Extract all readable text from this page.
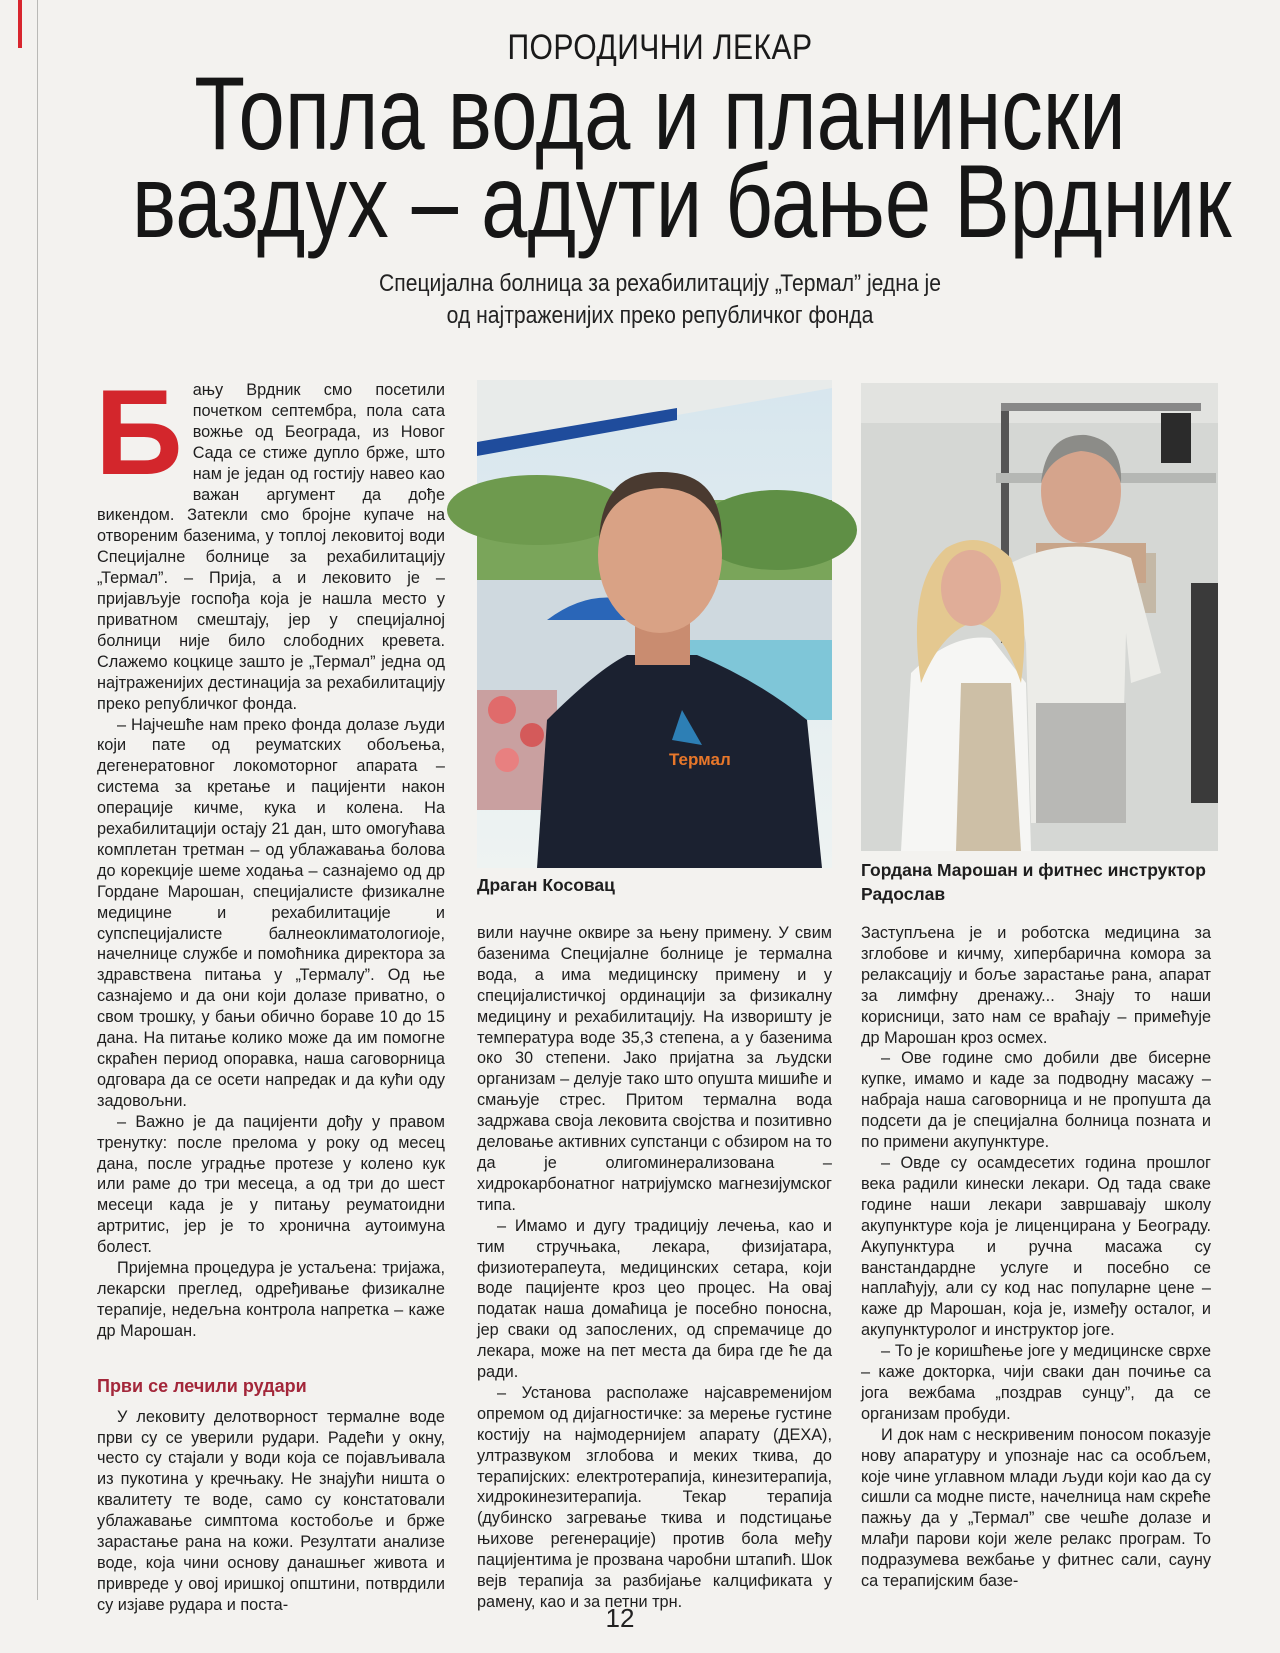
ПОРОДИЧНИ ЛЕКАР
Топла вода и планински
ваздух – адути бање Врдник
Специјална болница за рехабилитацију „Термал” једна је
од најтраженијих преко републичког фонда

Бању Врдник смо посетили почетком септембра, пола сата вожње од Београда, из Новог Сада се стиже дупло брже, што нам је један од гостију навео као важан аргумент да дође викендом. Затекли смо бројне купаче на отвореним базенима, у топлој лековитој води Специјалне болнице за рехабилитацију „Термал”. – Прија, а и лековито је – пријављује госпођа која је нашла место у приватном смештају, јер у специјалној болници није било слободних кревета. Слажемо коцкице зашто је „Термал” једна од најтраженијих дестинација за рехабилитацију преко републичког фонда.

– Најчешће нам преко фонда долазе људи који пате од реуматских обољења, дегенератовног локомоторног апарата – система за кретање и пацијенти након операције кичме, кука и колена. На рехабилитацији остају 21 дан, што омогућава комплетан третман – од ублажавања болова до корекције шеме ходања – сазнајемо од др Гордане Марошан, специјалисте физикалне медицине и рехабилитације и супспецијалисте балнеоклиматологиоје, начелнице службе и помоћника директора за здравствена питања у „Термалу”. Од ње сазнајемо и да они који долазе приватно, о свом трошку, у бањи обично бораве 10 до 15 дана. На питање колико може да им помогне скраћен период опоравка, наша саговорница одговара да се осети напредак и да кући оду задовољни.

– Важно је да пацијенти дођу у правом тренутку: после прелома у року од месец дана, после уградње протезе у колено кук или раме до три месеца, а од три до шест месеци када је у питању реуматоидни артритис, јер је то хронична аутоимуна болест.

Пријемна процедура је устаљена: тријажа, лекарски преглед, одређивање физикалне терапије, недељна контрола напретка – каже др Марошан.

Први се лечили рудари

У лековиту делотворност термалне воде први су се уверили рудари. Радећи у окну, често су стајали у води која се појављивала из пукотина у кречњаку. Не знајући ништа о квалитету те воде, само су констатовали ублажавање симптома костобоље и брже зарастање рана на кожи. Резултати анализе воде, која чини основу данашњег живота и привреде у овој иришкој општини, потврдили су изјаве рудара и поста-

Термал
Драган Косовац
Гордана Марошан и фитнес инструктор Радослав

вили научне оквире за њену примену. У свим базенима Специјалне болнице је термална вода, а има медицинску примену и у специјалистичкој ординацији за физикалну медицину и рехабилитацију. На изворишту је температура воде 35,3 степена, а у базенима око 30 степени. Јако пријатна за људски организам – делује тако што опушта мишиће и смањује стрес. Притом термална вода задржава своја лековита својства и позитивно деловање активних супстанци с обзиром на то да је олигоминерализована – хидрокарбонатног натријумско магнезијумског типа.

– Имамо и дугу традицију лечења, као и тим стручњака, лекара, физијатара, физиотерапеута, медицинских сетара, који воде пацијенте кроз цео процес. На овај податак наша домаћица је посебно поносна, јер сваки од запослених, од спремачице до лекара, може на пет места да бира где ће да ради.

– Установа располаже најсавременијом опремом од дијагностичке: за мерење густине костију на најмодернијем апарату (ДЕХА), ултразвуком зглобова и меких ткива, до терапијских: електротерапија, кинезитерапија, хидрокинезитерапија. Текар терапија (дубинско загревање ткива и подстицање њихове регенерације) против бола међу пацијентима је прозвана чаробни штапић. Шок вејв терапија за разбијање калцификата у рамену, као и за петни трн.

Заступљена је и роботска медицина за зглобове и кичму, хипербарична комора за релаксацију и боље зарастање рана, апарат за лимфну дренажу... Знају то наши корисници, зато нам се враћају – примећује др Марошан кроз осмех.

– Ове године смо добили две бисерне купке, имамо и каде за подводну масажу – набраја наша саговорница и не пропушта да подсети да је специјална болница позната и по примени акупунктуре.

– Овде су осамдесетих година прошлог века радили кинески лекари. Од тада сваке године наши лекари завршавају школу акупунктуре која је лиценцирана у Београду. Акупунктура и ручна масажа су ванстандардне услуге и посебно се наплаћују, али су код нас популарне цене – каже др Марошан, која је, између осталог, и акупунктуролог и инструктор јоге.

– То је коришћење јоге у медицинске сврхе – каже докторка, чији сваки дан почиње са јога вежбама „поздрав сунцу”, да се организам пробуди.

И док нам с нескривеним поносом показује нову апаратуру и упознаје нас са особљем, које чине углавном млади људи који као да су сишли са модне писте, начелница нам скреће пажњу да у „Термал” све чешће долазе и млађи парови који желе релакс програм. То подразумева вежбање у фитнес сали, сауну са терапијским базе-

12
